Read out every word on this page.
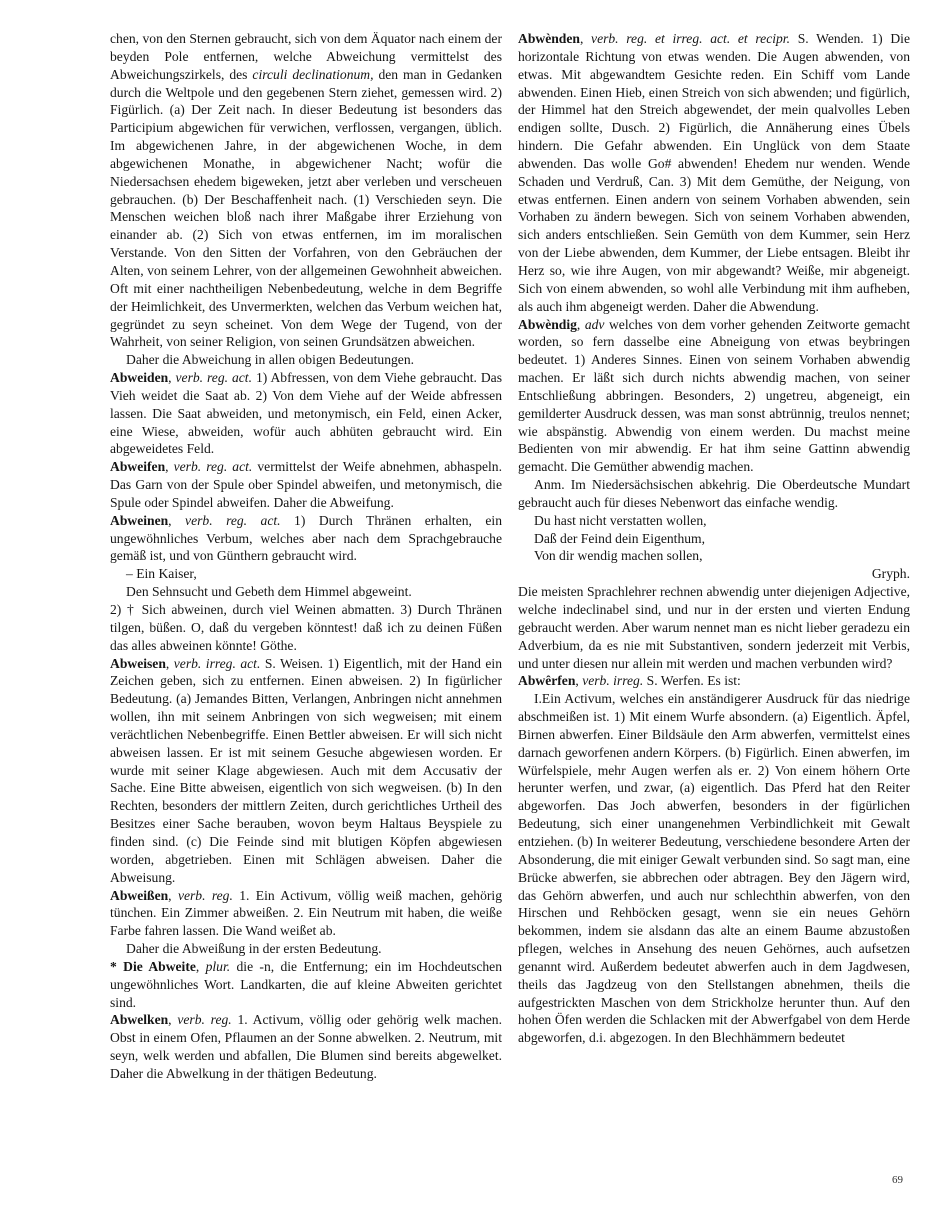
chen, von den Sternen gebraucht, sich von dem Äquator nach einem der beyden Pole entfernen, welche Abweichung vermittelst des Abweichungszirkels, des circuli declinationum, den man in Gedanken durch die Weltpole und den gegebenen Stern ziehet, gemessen wird. 2) Figürlich. (a) Der Zeit nach. In dieser Bedeutung ist besonders das Participium abgewichen für verwichen, verflossen, vergangen, üblich. Im abgewichenen Jahre, in der abgewichenen Woche, in dem abgewichenen Monathe, in abgewichener Nacht; wofür die Niedersachsen ehedem bigeweken, jetzt aber verleben und verscheuen gebrauchen. (b) Der Beschaffenheit nach. (1) Verschieden seyn. Die Menschen weichen bloß nach ihrer Maßgabe ihrer Erziehung von einander ab. (2) Sich von etwas entfernen, im im moralischen Verstande. Von den Sitten der Vorfahren, von den Gebräuchen der Alten, von seinem Lehrer, von der allgemeinen Gewohnheit abweichen. Oft mit einer nachtheiligen Nebenbedeutung, welche in dem Begriffe der Heimlichkeit, des Unvermerkten, welchen das Verbum weichen hat, gegründet zu seyn scheinet. Von dem Wege der Tugend, von der Wahrheit, von seiner Religion, von seinen Grundsätzen abweichen.

Daher die Abweichung in allen obigen Bedeutungen.

Abweiden, verb. reg. act. 1) Abfressen, von dem Viehe gebraucht. Das Vieh weidet die Saat ab. 2) Von dem Viehe auf der Weide abfressen lassen. Die Saat abweiden, und metonymisch, ein Feld, einen Acker, eine Wiese, abweiden, wofür auch abhüten gebraucht wird. Ein abgeweidetes Feld.

Abweifen, verb. reg. act. vermittelst der Weife abnehmen, abhaspeln. Das Garn von der Spule ober Spindel abweifen, und metonymisch, die Spule oder Spindel abweifen. Daher die Abweifung.

Abweinen, verb. reg. act. 1) Durch Thränen erhalten, ein ungewöhnliches Verbum, welches aber nach dem Sprachgebrauche gemäß ist, und von Günthern gebraucht wird.

– Ein Kaiser,

Den Sehnsucht und Gebeth dem Himmel abgeweint.

2) † Sich abweinen, durch viel Weinen abmatten. 3) Durch Thränen tilgen, büßen. O, daß du vergeben könntest! daß ich zu deinen Füßen das alles abweinen könnte! Göthe.

Abweisen, verb. irreg. act. S. Weisen. 1) Eigentlich, mit der Hand ein Zeichen geben, sich zu entfernen. Einen abweisen. 2) In figürlicher Bedeutung. (a) Jemandes Bitten, Verlangen, Anbringen nicht annehmen wollen, ihn mit seinem Anbringen von sich wegweisen; mit einem verächtlichen Nebenbegriffe. Einen Bettler abweisen. Er will sich nicht abweisen lassen. Er ist mit seinem Gesuche abgewiesen worden. Er wurde mit seiner Klage abgewiesen. Auch mit dem Accusativ der Sache. Eine Bitte abweisen, eigentlich von sich wegweisen. (b) In den Rechten, besonders der mittlern Zeiten, durch gerichtliches Urtheil des Besitzes einer Sache berauben, wovon beym Haltaus Beyspiele zu finden sind. (c) Die Feinde sind mit blutigen Köpfen abgewiesen worden, abgetrieben. Einen mit Schlägen abweisen. Daher die Abweisung.

Abweißen, verb. reg. 1. Ein Activum, völlig weiß machen, gehörig tünchen. Ein Zimmer abweißen. 2. Ein Neutrum mit haben, die weiße Farbe fahren lassen. Die Wand weißet ab.

Daher die Abweißung in der ersten Bedeutung.

* Die Abweite, plur. die -n, die Entfernung; ein im Hochdeutschen ungewöhnliches Wort. Landkarten, die auf kleine Abweiten gerichtet sind.

Abwelken, verb. reg. 1. Activum, völlig oder gehörig welk machen. Obst in einem Ofen, Pflaumen an der Sonne abwelken. 2. Neutrum, mit seyn, welk werden und abfallen, Die Blumen sind bereits abgewelket. Daher die Abwelkung in der thätigen Bedeutung.

Abwènden, verb. reg. et irreg. act. et recipr. S. Wenden. 1) Die horizontale Richtung von etwas wenden. Die Augen abwenden, von etwas. Mit abgewandtem Gesichte reden. Ein Schiff vom Lande abwenden. Einen Hieb, einen Streich von sich abwenden; und figürlich, der Himmel hat den Streich abgewendet, der mein qualvolles Leben endigen sollte, Dusch. 2) Figürlich, die Annäherung eines Übels hindern. Die Gefahr abwenden. Ein Unglück von dem Staate abwenden. Das wolle Go# abwenden! Ehedem nur wenden. Wende Schaden und Verdruß, Can. 3) Mit dem Gemüthe, der Neigung, von etwas entfernen. Einen andern von seinem Vorhaben abwenden, sein Vorhaben zu ändern bewegen. Sich von seinem Vorhaben abwenden, sich anders entschließen. Sein Gemüth von dem Kummer, sein Herz von der Liebe abwenden, dem Kummer, der Liebe entsagen. Bleibt ihr Herz so, wie ihre Augen, von mir abgewandt? Weiße, mir abgeneigt. Sich von einem abwenden, so wohl alle Verbindung mit ihm aufheben, als auch ihm abgeneigt werden. Daher die Abwendung.

Abwèndig, adv welches von dem vorher gehenden Zeitworte gemacht worden, so fern dasselbe eine Abneigung von etwas beybringen bedeutet. 1) Anderes Sinnes. Einen von seinem Vorhaben abwendig machen. Er läßt sich durch nichts abwendig machen, von seiner Entschließung abbringen. Besonders, 2) ungetreu, abgeneigt, ein gemilderter Ausdruck dessen, was man sonst abtrünnig, treulos nennet; wie abspänstig. Abwendig von einem werden. Du machst meine Bedienten von mir abwendig. Er hat ihm seine Gattinn abwendig gemacht. Die Gemüther abwendig machen.

Anm. Im Niedersächsischen abkehrig. Die Oberdeutsche Mundart gebraucht auch für dieses Nebenwort das einfache wendig.

Du hast nicht verstatten wollen,

Daß der Feind dein Eigenthum,

Von dir wendig machen sollen,

Gryph.

Die meisten Sprachlehrer rechnen abwendig unter diejenigen Adjective, welche indeclinabel sind, und nur in der ersten und vierten Endung gebraucht werden. Aber warum nennet man es nicht lieber geradezu ein Adverbium, da es nie mit Substantiven, sondern jederzeit mit Verbis, und unter diesen nur allein mit werden und machen verbunden wird?

Abwêrfen, verb. irreg. S. Werfen. Es ist:

I.Ein Activum, welches ein anständigerer Ausdruck für das niedrige abschmeißen ist. 1) Mit einem Wurfe absondern. (a) Eigentlich. Äpfel, Birnen abwerfen. Einer Bildsäule den Arm abwerfen, vermittelst eines darnach geworfenen andern Körpers. (b) Figürlich. Einen abwerfen, im Würfelspiele, mehr Augen werfen als er. 2) Von einem höhern Orte herunter werfen, und zwar, (a) eigentlich. Das Pferd hat den Reiter abgeworfen. Das Joch abwerfen, besonders in der figürlichen Bedeutung, sich einer unangenehmen Verbindlichkeit mit Gewalt entziehen. (b) In weiterer Bedeutung, verschiedene besondere Arten der Absonderung, die mit einiger Gewalt verbunden sind. So sagt man, eine Brücke abwerfen, sie abbrechen oder abtragen. Bey den Jägern wird, das Gehörn abwerfen, und auch nur schlechthin abwerfen, von den Hirschen und Rehböcken gesagt, wenn sie ein neues Gehörn bekommen, indem sie alsdann das alte an einem Baume abzustoßen pflegen, welches in Ansehung des neuen Gehörnes, auch aufsetzen genannt wird. Außerdem bedeutet abwerfen auch in dem Jagdwesen, theils das Jagdzeug von den Stellstangen abnehmen, theils die aufgestrickten Maschen von dem Strickholze herunter thun. Auf den hohen Öfen werden die Schlacken mit der Abwerfgabel von dem Herde abgeworfen, d.i. abgezogen. In den Blechhämmern bedeutet

69
